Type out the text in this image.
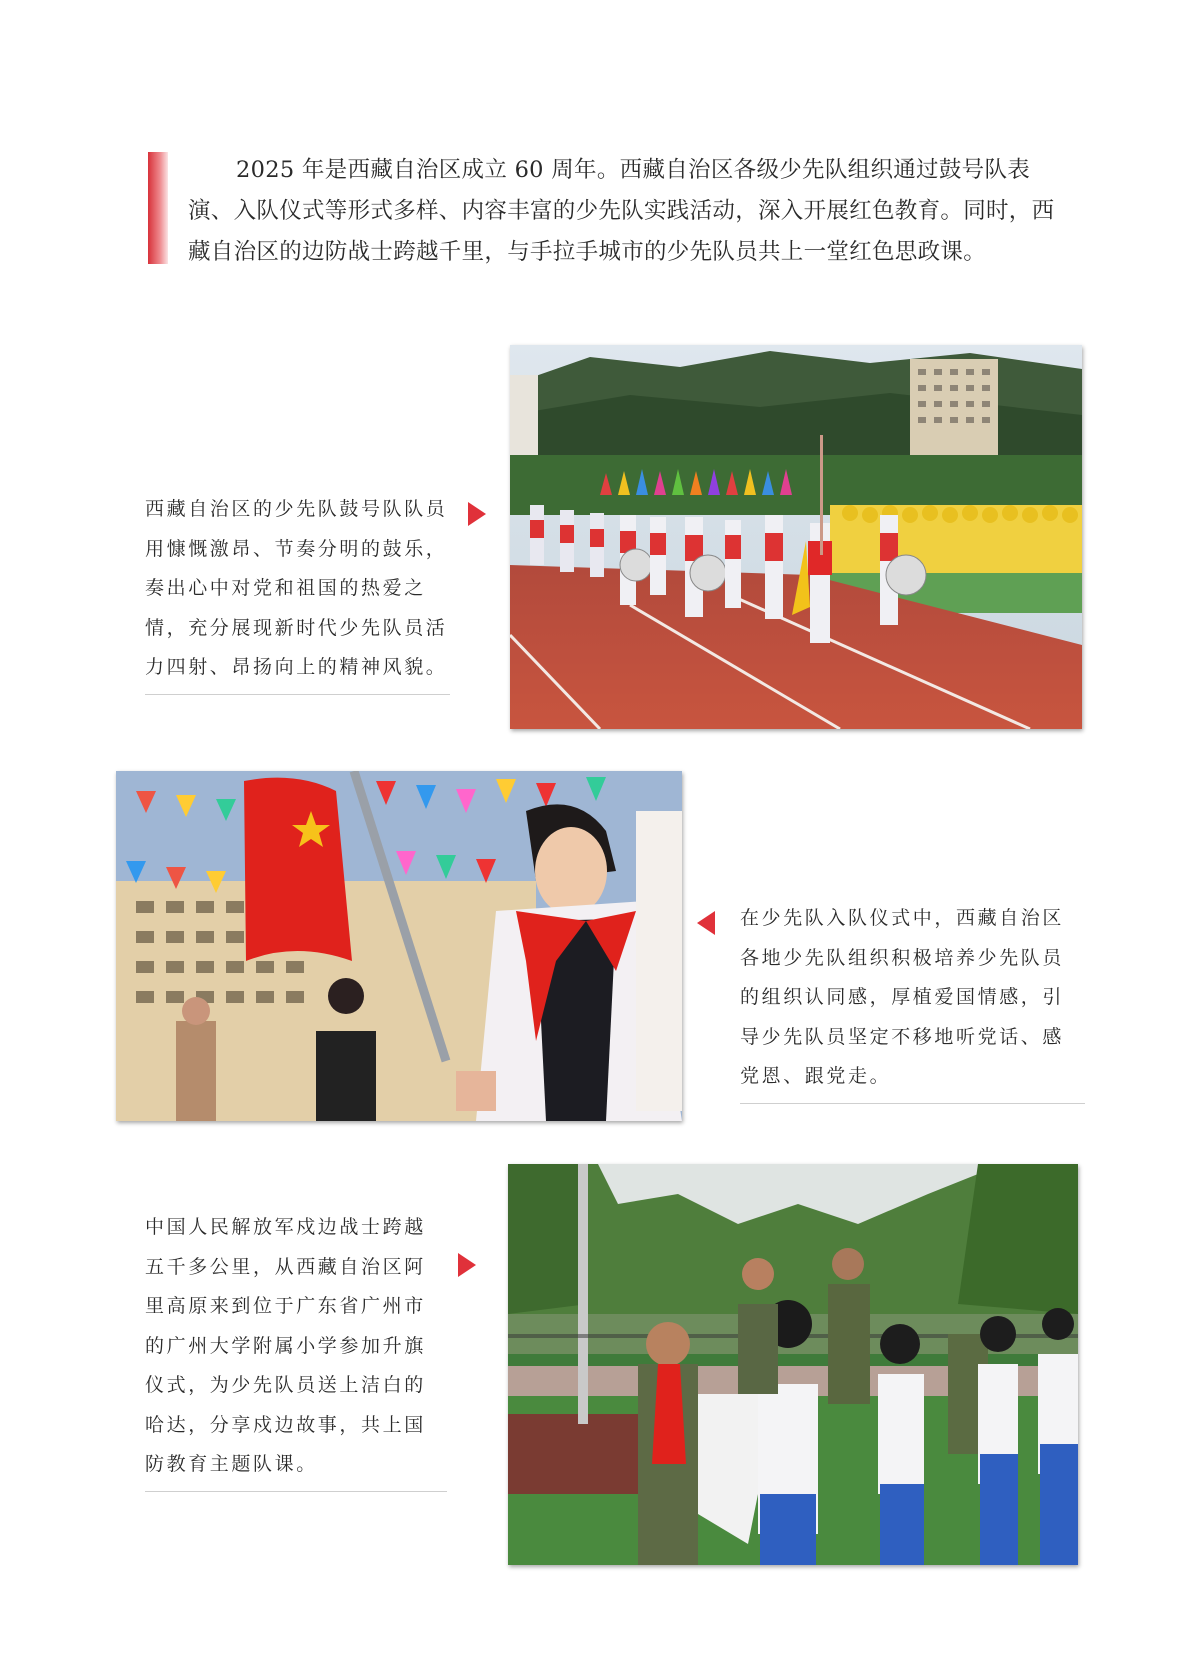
2025 年是西藏自治区成立 60 周年。西藏自治区各级少先队组织通过鼓号队表演、入队仪式等形式多样、内容丰富的少先队实践活动，深入开展红色教育。同时，西藏自治区的边防战士跨越千里，与手拉手城市的少先队员共上一堂红色思政课。

西藏自治区的少先队鼓号队队员用慷慨激昂、节奏分明的鼓乐，奏出心中对党和祖国的热爱之情，充分展现新时代少先队员活力四射、昂扬向上的精神风貌。
在少先队入队仪式中，西藏自治区各地少先队组织积极培养少先队员的组织认同感，厚植爱国情感，引导少先队员坚定不移地听党话、感党恩、跟党走。
中国人民解放军戍边战士跨越五千多公里，从西藏自治区阿里高原来到位于广东省广州市的广州大学附属小学参加升旗仪式，为少先队员送上洁白的哈达，分享戍边故事，共上国防教育主题队课。
